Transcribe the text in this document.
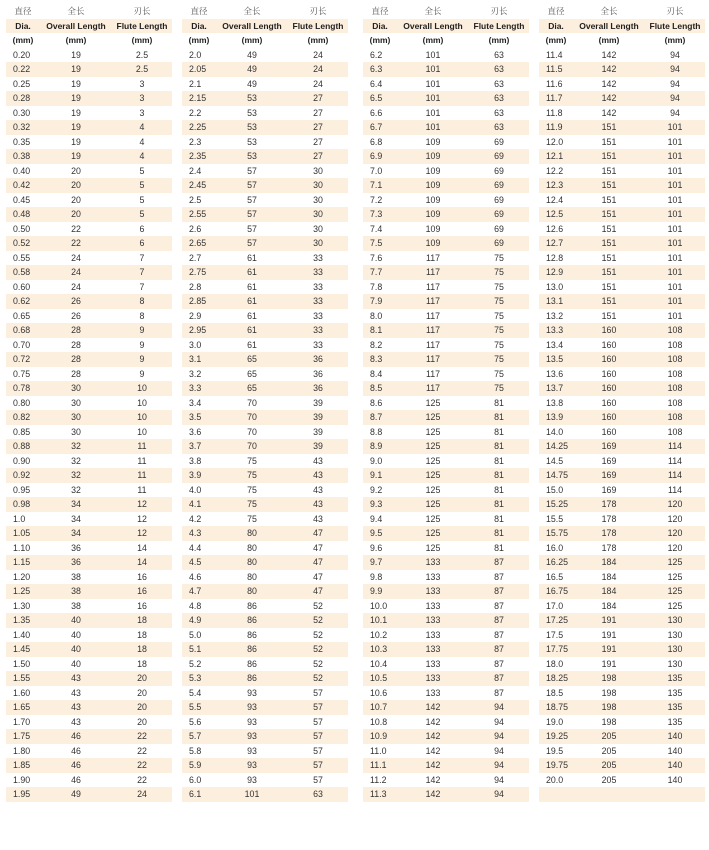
直径	全长	刃长
Dia.	Overall Length	Flute Length
(mm)	(mm)	(mm)
0.20	19	2.5
0.22	19	2.5
0.25	19	3
0.28	19	3
0.30	19	3
0.32	19	4
0.35	19	4
0.38	19	4
0.40	20	5
0.42	20	5
0.45	20	5
0.48	20	5
0.50	22	6
0.52	22	6
0.55	24	7
0.58	24	7
0.60	24	7
0.62	26	8
0.65	26	8
0.68	28	9
0.70	28	9
0.72	28	9
0.75	28	9
0.78	30	10
0.80	30	10
0.82	30	10
0.85	30	10
0.88	32	11
0.90	32	11
0.92	32	11
0.95	32	11
0.98	34	12
1.0	34	12
1.05	34	12
1.10	36	14
1.15	36	14
1.20	38	16
1.25	38	16
1.30	38	16
1.35	40	18
1.40	40	18
1.45	40	18
1.50	40	18
1.55	43	20
1.60	43	20
1.65	43	20
1.70	43	20
1.75	46	22
1.80	46	22
1.85	46	22
1.90	46	22
1.95	49	24
直径	全长	刃长
Dia.	Overall Length	Flute Length
(mm)	(mm)	(mm)
2.0	49	24
2.05	49	24
2.1	49	24
2.15	53	27
2.2	53	27
2.25	53	27
2.3	53	27
2.35	53	27
2.4	57	30
2.45	57	30
2.5	57	30
2.55	57	30
2.6	57	30
2.65	57	30
2.7	61	33
2.75	61	33
2.8	61	33
2.85	61	33
2.9	61	33
2.95	61	33
3.0	61	33
3.1	65	36
3.2	65	36
3.3	65	36
3.4	70	39
3.5	70	39
3.6	70	39
3.7	70	39
3.8	75	43
3.9	75	43
4.0	75	43
4.1	75	43
4.2	75	43
4.3	80	47
4.4	80	47
4.5	80	47
4.6	80	47
4.7	80	47
4.8	86	52
4.9	86	52
5.0	86	52
5.1	86	52
5.2	86	52
5.3	86	52
5.4	93	57
5.5	93	57
5.6	93	57
5.7	93	57
5.8	93	57
5.9	93	57
6.0	93	57
6.1	101	63
直径	全长	刃长
Dia.	Overall Length	Flute Length
(mm)	(mm)	(mm)
6.2	101	63
6.3	101	63
6.4	101	63
6.5	101	63
6.6	101	63
6.7	101	63
6.8	109	69
6.9	109	69
7.0	109	69
7.1	109	69
7.2	109	69
7.3	109	69
7.4	109	69
7.5	109	69
7.6	117	75
7.7	117	75
7.8	117	75
7.9	117	75
8.0	117	75
8.1	117	75
8.2	117	75
8.3	117	75
8.4	117	75
8.5	117	75
8.6	125	81
8.7	125	81
8.8	125	81
8.9	125	81
9.0	125	81
9.1	125	81
9.2	125	81
9.3	125	81
9.4	125	81
9.5	125	81
9.6	125	81
9.7	133	87
9.8	133	87
9.9	133	87
10.0	133	87
10.1	133	87
10.2	133	87
10.3	133	87
10.4	133	87
10.5	133	87
10.6	133	87
10.7	142	94
10.8	142	94
10.9	142	94
11.0	142	94
11.1	142	94
11.2	142	94
11.3	142	94
直径	全长	刃长
Dia.	Overall Length	Flute Length
(mm)	(mm)	(mm)
11.4	142	94
11.5	142	94
11.6	142	94
11.7	142	94
11.8	142	94
11.9	151	101
12.0	151	101
12.1	151	101
12.2	151	101
12.3	151	101
12.4	151	101
12.5	151	101
12.6	151	101
12.7	151	101
12.8	151	101
12.9	151	101
13.0	151	101
13.1	151	101
13.2	151	101
13.3	160	108
13.4	160	108
13.5	160	108
13.6	160	108
13.7	160	108
13.8	160	108
13.9	160	108
14.0	160	108
14.25	169	114
14.5	169	114
14.75	169	114
15.0	169	114
15.25	178	120
15.5	178	120
15.75	178	120
16.0	178	120
16.25	184	125
16.5	184	125
16.75	184	125
17.0	184	125
17.25	191	130
17.5	191	130
17.75	191	130
18.0	191	130
18.25	198	135
18.5	198	135
18.75	198	135
19.0	198	135
19.25	205	140
19.5	205	140
19.75	205	140
20.0	205	140
